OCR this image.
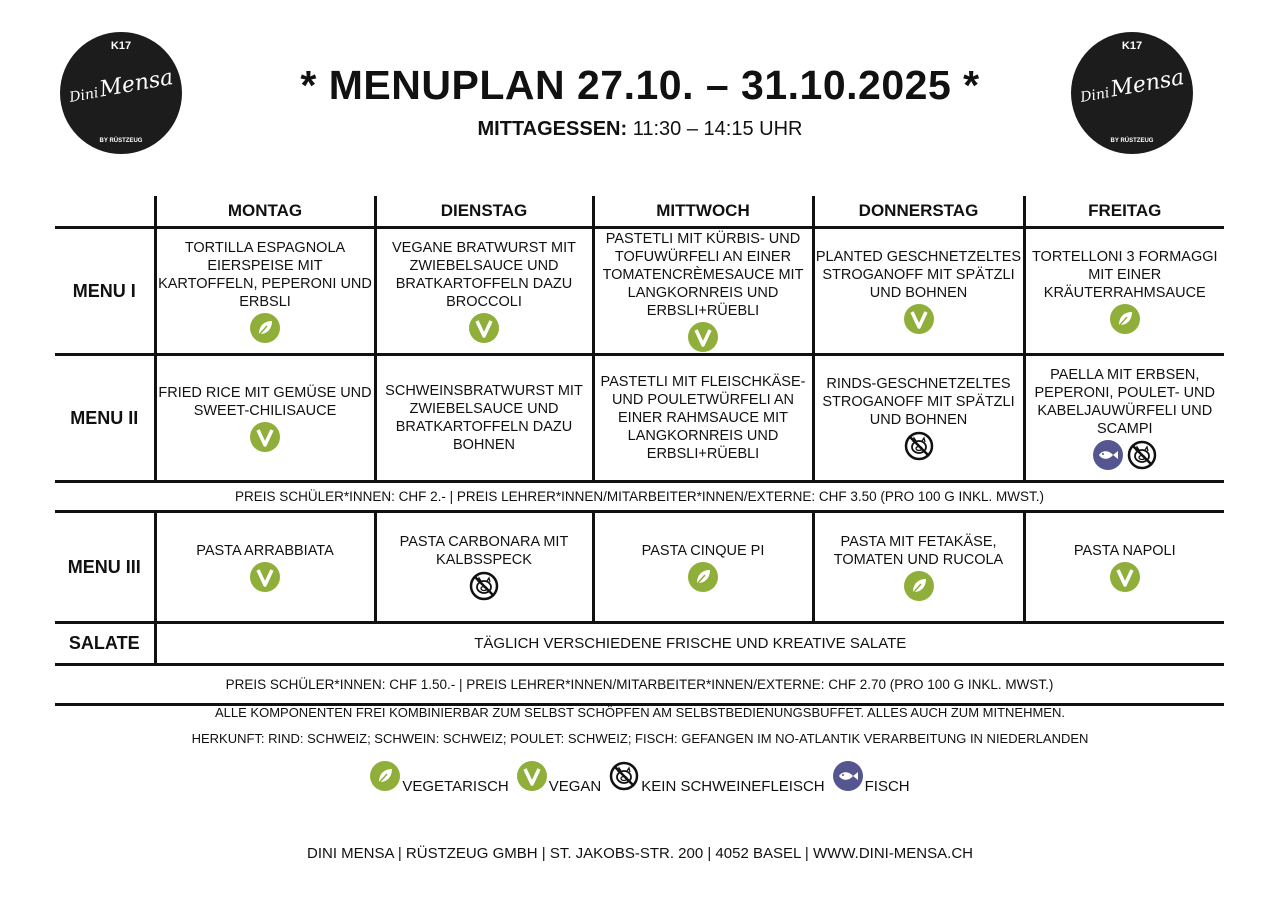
K17
DiniMensa
BY RÜSTZEUG
K17
DiniMensa
BY RÜSTZEUG
* MENUPLAN 27.10. – 31.10.2025 *
MITTAGESSEN: 11:30 – 14:15 UHR
	MONTAG	DIENSTAG	MITTWOCH	DONNERSTAG	FREITAG
MENU I	TORTILLA ESPAGNOLA EIERSPEISE MIT KARTOFFELN, PEPERONI UND ERBSLI	VEGANE BRATWURST MIT ZWIEBELSAUCE UND BRATKARTOFFELN DAZU BROCCOLI	PASTETLI MIT KÜRBIS- UND TOFUWÜRFELI AN EINER TOMATENCRÈMESAUCE MIT LANGKORNREIS UND ERBSLI+RÜEBLI	PLANTED GESCHNETZELTES STROGANOFF MIT SPÄTZLI UND BOHNEN	TORTELLONI 3 FORMAGGI MIT EINER KRÄUTERRAHMSAUCE

MENU II	FRIED RICE MIT GEMÜSE UND SWEET-CHILISAUCE	SCHWEINSBRATWURST MIT ZWIEBELSAUCE UND BRATKARTOFFELN DAZU BOHNEN	PASTETLI MIT FLEISCHKÄSE- UND POULETWÜRFELI AN EINER RAHMSAUCE MIT LANGKORNREIS UND ERBSLI+RÜEBLI	RINDS-GESCHNETZELTES STROGANOFF MIT SPÄTZLI UND BOHNEN	PAELLA MIT ERBSEN, PEPERONI, POULET- UND KABELJAUWÜRFELI UND SCAMPI

PREIS SCHÜLER*INNEN: CHF 2.- | PREIS LEHRER*INNEN/MITARBEITER*INNEN/EXTERNE: CHF 3.50 (PRO 100 G INKL. MWST.)					
MENU III	PASTA ARRABBIATA	PASTA CARBONARA MIT KALBSSPECK	PASTA CINQUE PI	PASTA MIT FETAKÄSE, TOMATEN UND RUCOLA	PASTA NAPOLI

SALATE	TÄGLICH VERSCHIEDENE FRISCHE UND KREATIVE SALATE				
PREIS SCHÜLER*INNEN: CHF 1.50.- | PREIS LEHRER*INNEN/MITARBEITER*INNEN/EXTERNE: CHF 2.70 (PRO 100 G INKL. MWST.)					
ALLE KOMPONENTEN FREI KOMBINIERBAR ZUM SELBST SCHÖPFEN AM SELBSTBEDIENUNGSBUFFET. ALLES AUCH ZUM MITNEHMEN.
HERKUNFT: RIND: SCHWEIZ; SCHWEIN: SCHWEIZ; POULET: SCHWEIZ; FISCH: GEFANGEN IM NO-ATLANTIK VERARBEITUNG IN NIEDERLANDEN
VEGETARISCH	VEGAN	KEIN SCHWEINEFLEISCH	FISCH
DINI MENSA | RÜSTZEUG GMBH | ST. JAKOBS-STR. 200 | 4052 BASEL | WWW.DINI-MENSA.CH
